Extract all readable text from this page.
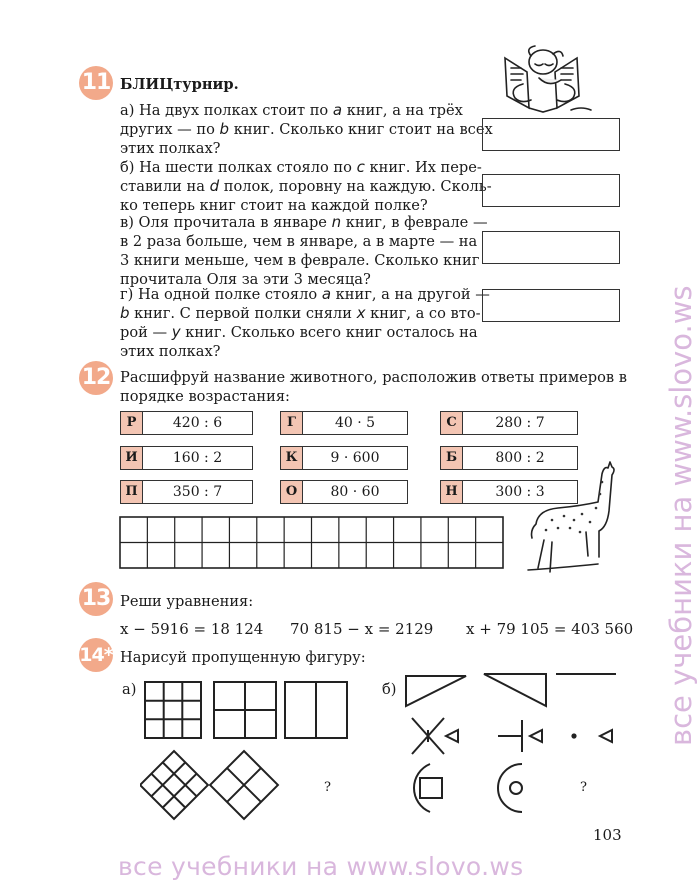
11 БЛИЦтурнир.
а) На двух полках стоит по a книг, а на трёх
других — по b книг. Сколько книг стоит на всех
этих полках?
б) На шести полках стояло по c книг. Их пере-
ставили на d полок, поровну на каждую. Сколь-
ко теперь книг стоит на каждой полке?
в) Оля прочитала в январе n книг, в феврале —
в 2 раза больше, чем в январе, а в марте — на
3 книги меньше, чем в феврале. Сколько книг
прочитала Оля за эти 3 месяца?
г) На одной полке стояло a книг, а на другой —
b книг. С первой полки сняли x книг, а со вто-
рой — y книг. Сколько всего книг осталось на
этих полках?
12 Расшифруй название животного, расположив ответы примеров в
порядке возрастания:
Р	420 : 6	Г	40 · 5	С	280 : 7
И	160 : 2	К	9 · 600	Б	800 : 2
П	350 : 7	О	80 · 60	Н	300 : 3
13 Реши уравнения:
x − 5916 = 18 124 70 815 − x = 2129 x + 79 105 = 403 560
14* Нарисуй пропущенную фигуру:
а)	б)
?	?
103
все учебники на www.slovo.ws
все учебники на www.slovo.ws
